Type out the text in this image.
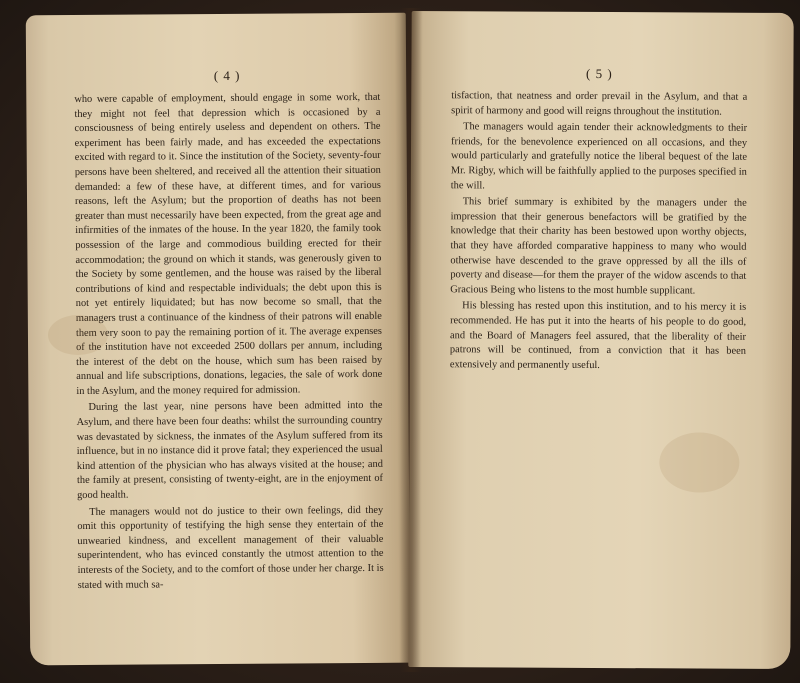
( 4 )

who were capable of employment, should engage in some work, that they might not feel that depression which is occasioned by a consciousness of being entirely useless and dependent on others. The experiment has been fairly made, and has exceeded the expectations excited with regard to it. Since the institution of the Society, seventy-four persons have been sheltered, and received all the attention their situation demanded: a few of these have, at different times, and for various reasons, left the Asylum; but the proportion of deaths has not been greater than must necessarily have been expected, from the great age and infirmities of the inmates of the house. In the year 1820, the family took possession of the large and commodious building erected for their accommodation; the ground on which it stands, was generously given to the Society by some gentlemen, and the house was raised by the liberal contributions of kind and respectable individuals; the debt upon this is not yet entirely liquidated; but has now become so small, that the managers trust a continuance of the kindness of their patrons will enable them very soon to pay the remaining portion of it. The average expenses of the institution have not exceeded 2500 dollars per annum, including the interest of the debt on the house, which sum has been raised by annual and life subscriptions, donations, legacies, the sale of work done in the Asylum, and the money required for admission.

During the last year, nine persons have been admitted into the Asylum, and there have been four deaths: whilst the surrounding country was devastated by sickness, the inmates of the Asylum suffered from its influence, but in no instance did it prove fatal; they experienced the usual kind attention of the physician who has always visited at the house; and the family at present, consisting of twenty-eight, are in the enjoyment of good health.

The managers would not do justice to their own feelings, did they omit this opportunity of testifying the high sense they entertain of the unwearied kindness, and excellent management of their valuable superintendent, who has evinced constantly the utmost attention to the interests of the Society, and to the comfort of those under her charge. It is stated with much sa-

( 5 )

tisfaction, that neatness and order prevail in the Asylum, and that a spirit of harmony and good will reigns throughout the institution.

The managers would again tender their acknowledgments to their friends, for the benevolence experienced on all occasions, and they would particularly and gratefully notice the liberal bequest of the late Mr. Rigby, which will be faithfully applied to the purposes specified in the will.

This brief summary is exhibited by the managers under the impression that their generous benefactors will be gratified by the knowledge that their charity has been bestowed upon worthy objects, that they have afforded comparative happiness to many who would otherwise have descended to the grave oppressed by all the ills of poverty and disease—for them the prayer of the widow ascends to that Gracious Being who listens to the most humble supplicant.

His blessing has rested upon this institution, and to his mercy it is recommended. He has put it into the hearts of his people to do good, and the Board of Managers feel assured, that the liberality of their patrons will be continued, from a conviction that it has been extensively and permanently useful.
